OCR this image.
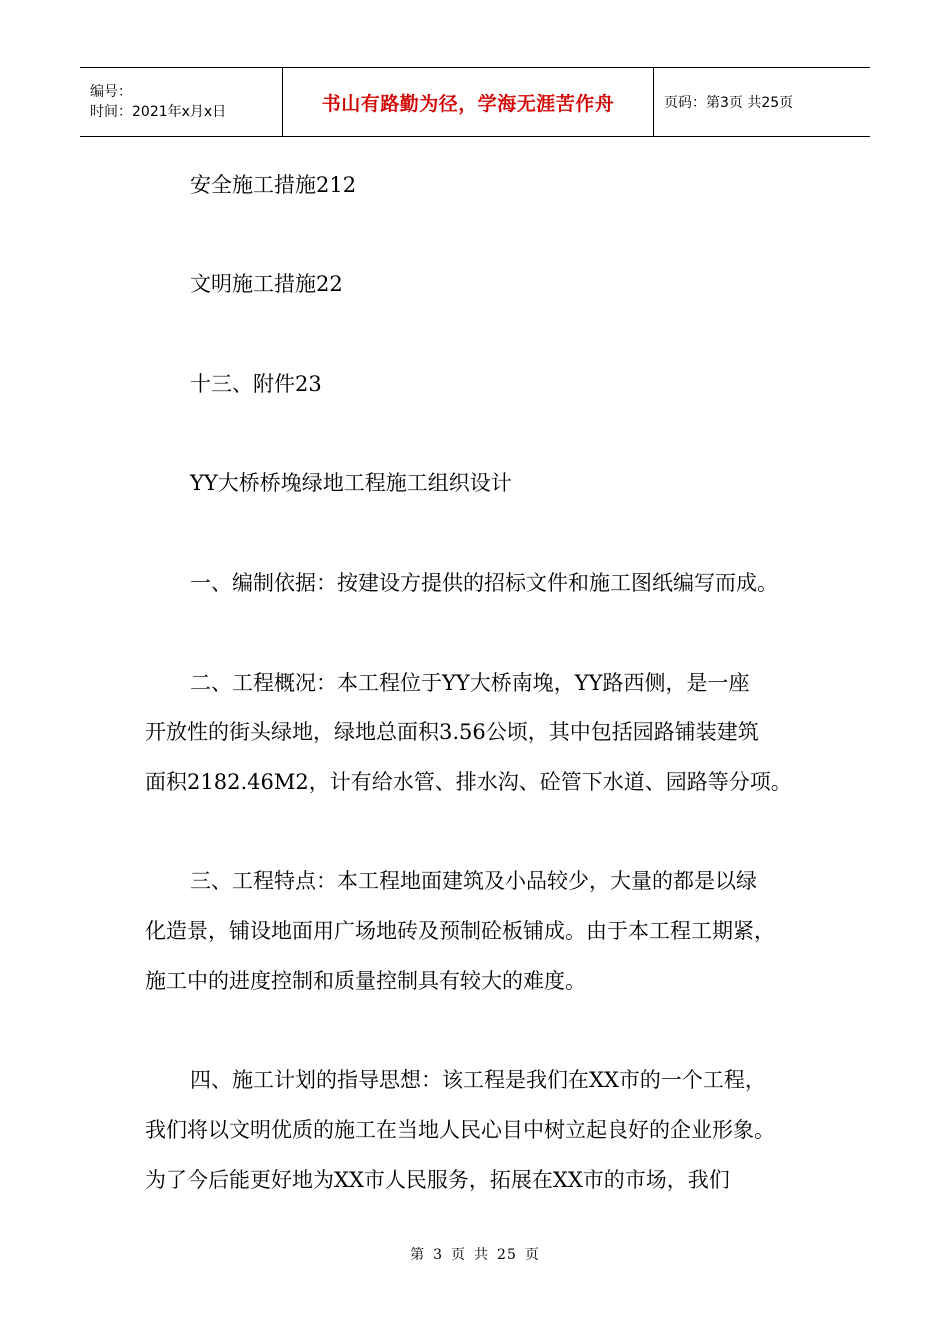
编号：
时间：2021年x月x日	书山有路勤为径，学海无涯苦作舟	页码：第3页 共25页
安全施工措施212
文明施工措施22
十三、附件23
YY大桥桥堍绿地工程施工组织设计
一、编制依据：按建设方提供的招标文件和施工图纸编写而成。
二、工程概况：本工程位于YY大桥南堍，YY路西侧，是一座
开放性的街头绿地，绿地总面积3.56公顷，其中包括园路铺装建筑
面积2182.46M2，计有给水管、排水沟、砼管下水道、园路等分项。
三、工程特点：本工程地面建筑及小品较少，大量的都是以绿
化造景，铺设地面用广场地砖及预制砼板铺成。由于本工程工期紧，
施工中的进度控制和质量控制具有较大的难度。
四、施工计划的指导思想：该工程是我们在XX市的一个工程，
我们将以文明优质的施工在当地人民心目中树立起良好的企业形象。
为了今后能更好地为XX市人民服务，拓展在XX市的市场，我们
第 3 页 共 25 页
